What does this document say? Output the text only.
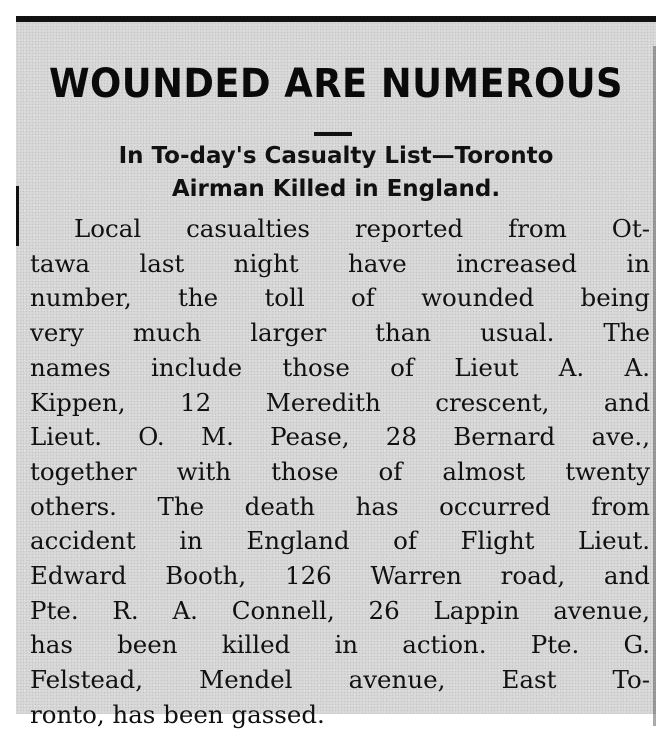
WOUNDED ARE NUMEROUS
In To-day's Casualty List—Toronto
Airman Killed in England.
Local casualties reported from Ot-
tawa last night have increased in
number, the toll of wounded being
very much larger than usual. The
names include those of Lieut A. A.
Kippen, 12 Meredith crescent, and
Lieut. O. M. Pease, 28 Bernard ave.,
together with those of almost twenty
others. The death has occurred from
accident in England of Flight Lieut.
Edward Booth, 126 Warren road, and
Pte. R. A. Connell, 26 Lappin avenue,
has been killed in action. Pte. G.
Felstead, Mendel avenue, East To-
ronto, has been gassed.
